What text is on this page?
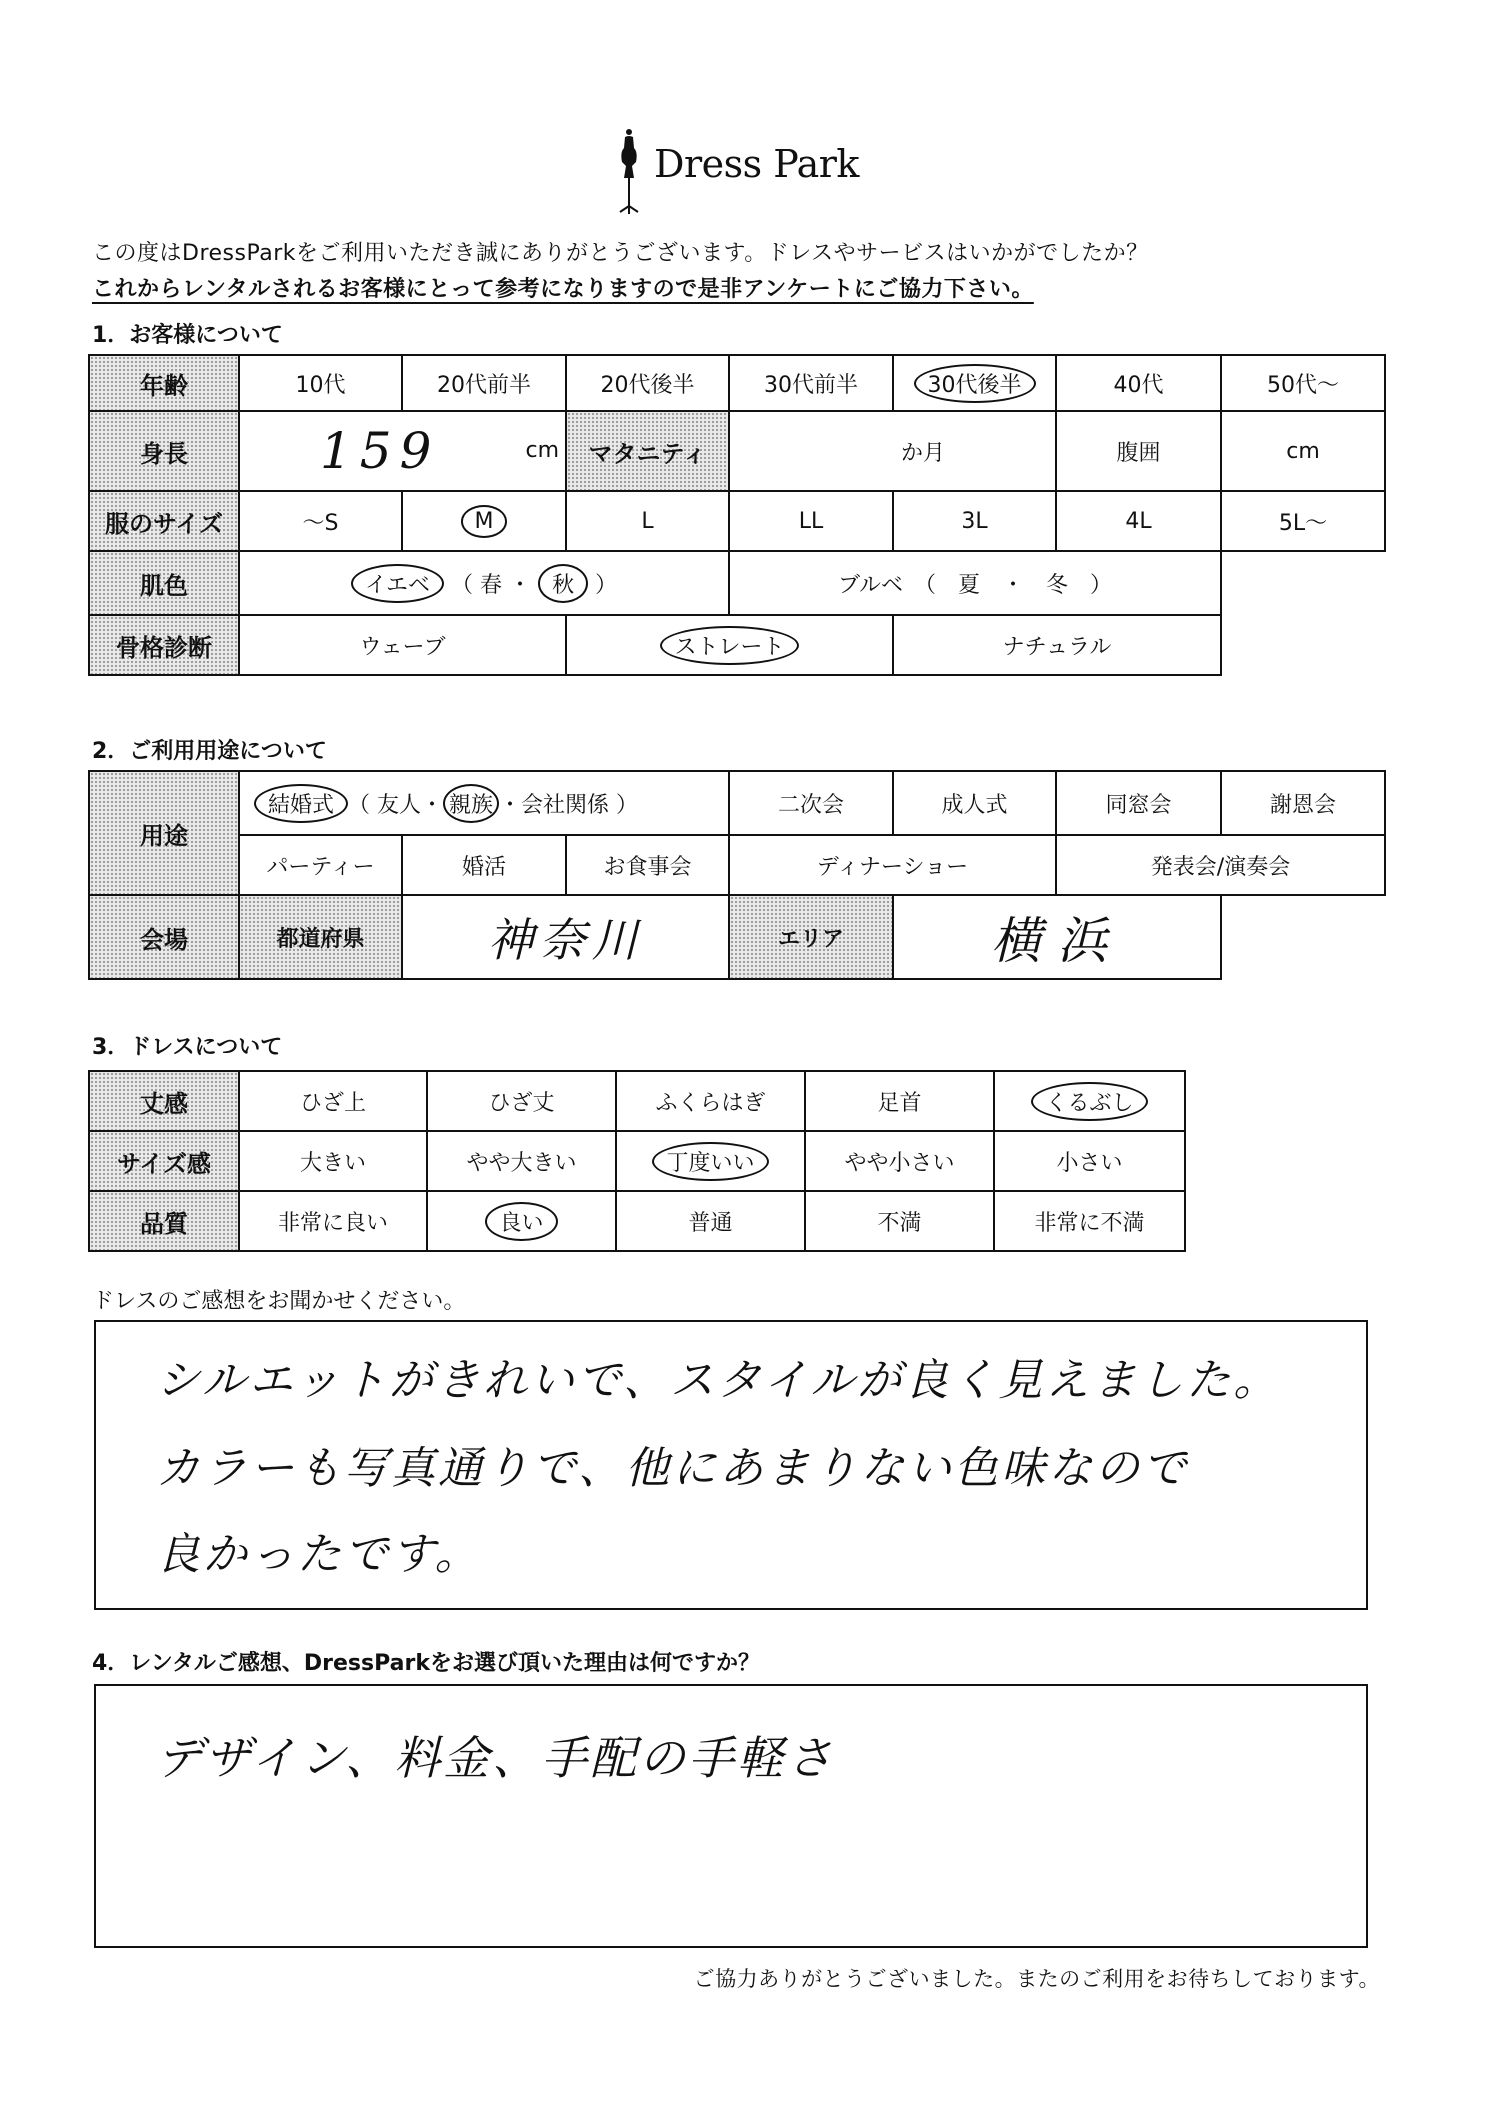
Dress Park
この度はDressParkをご利用いただき誠にありがとうございます。ドレスやサービスはいかがでしたか？
これからレンタルされるお客様にとって参考になりますので是非アンケートにご協力下さい。
1．お客様について
年齢	10代	20代前半	20代後半	30代前半	30代後半	40代	50代～
身長	159 cm		マタニティ	か月		腹囲	cm
服のサイズ	～S	M	L	LL	3L	4L	5L～
肌色	イエベ （ 春 ・ 秋 ）			ブルベ　（　夏　・　冬　）			
骨格診断	ウェーブ		ストレート		ナチュラル		
2．ご利用用途について
用途	結婚式 （ 友人・ 親族 ・会社関係 ）			二次会	成人式	同窓会	謝恩会
	パーティー	婚活	お食事会	ディナーショー		発表会/演奏会	
会場	都道府県	神奈川		エリア	横浜		
3．ドレスについて
丈感	ひざ上	ひざ丈	ふくらはぎ	足首	くるぶし
サイズ感	大きい	やや大きい	丁度いい	やや小さい	小さい
品質	非常に良い	良い	普通	不満	非常に不満
ドレスのご感想をお聞かせください。
シルエットがきれいで、スタイルが良く見えました。
カラーも写真通りで、他にあまりない色味なので
良かったです。
4．レンタルご感想、DressParkをお選び頂いた理由は何ですか？
デザイン、料金、手配の手軽さ
ご協力ありがとうございました。またのご利用をお待ちしております。
